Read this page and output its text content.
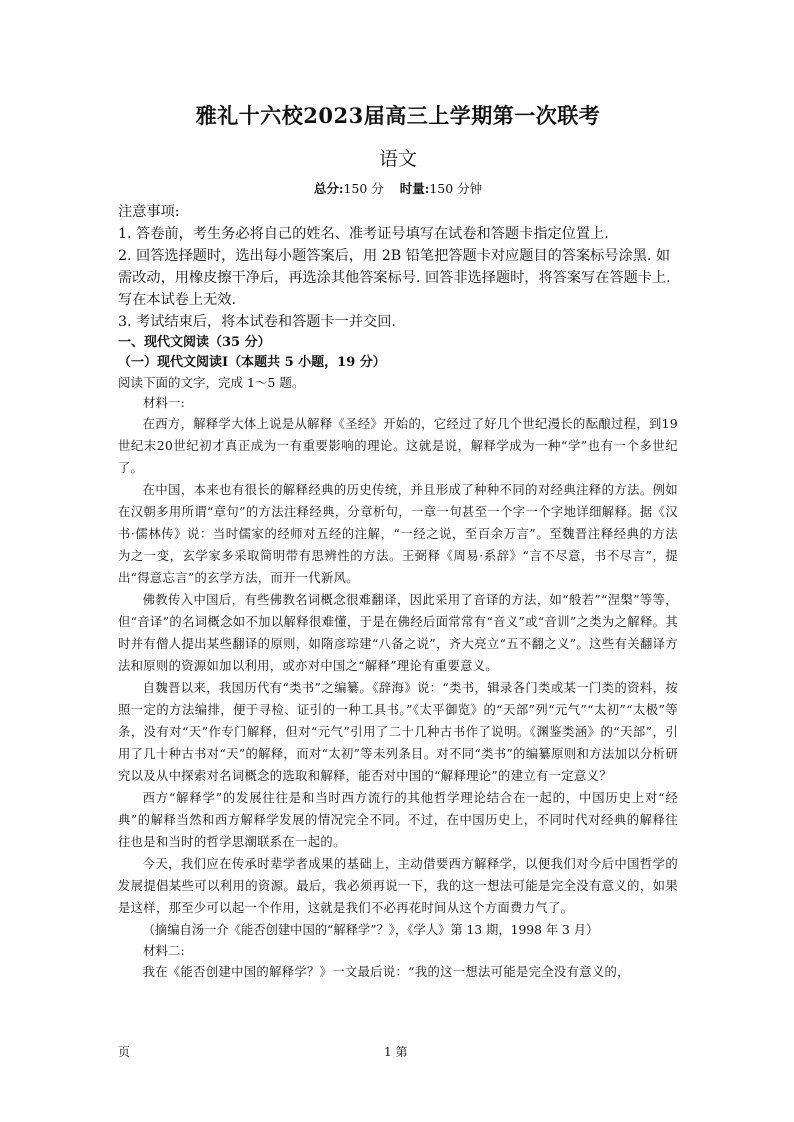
雅礼十六校2023届高三上学期第一次联考
语文
总分:150 分 时量:150 分钟

注意事项:

1. 答卷前，考生务必将自己的姓名、准考证号填写在试卷和答题卡指定位置上.

2. 回答选择题时，选出每小题答案后，用 2B 铅笔把答题卡对应题目的答案标号涂黑. 如需改动，用橡皮擦干净后，再选涂其他答案标号. 回答非选择题时，将答案写在答题卡上. 写在本试卷上无效.

3. 考试结束后，将本试卷和答题卡一并交回.

一、现代文阅读（35 分）

（一）现代文阅读Ⅰ（本题共 5 小题，19 分）

阅读下面的文字，完成 1～5 题。

材料一:

在西方，解释学大体上说是从解释《圣经》开始的，它经过了好几个世纪漫长的酝酿过程，到19世纪末20世纪初才真正成为一有重要影响的理论。这就是说，解释学成为一种“学”也有一个多世纪了。

在中国，本来也有很长的解释经典的历史传统，并且形成了种种不同的对经典注释的方法。例如在汉朝多用所谓“章句”的方法注释经典，分章析句，一章一句甚至一个字一个字地详细解释。据《汉书·儒林传》说：当时儒家的经师对五经的注解，“一经之说，至百余万言”。至魏晋注释经典的方法为之一变，玄学家多采取简明带有思辨性的方法。王弼释《周易·系辞》“言不尽意，书不尽言”，提出“得意忘言”的玄学方法，而开一代新风。

佛教传入中国后，有些佛教名词概念很难翻译，因此采用了音译的方法，如“般若”“涅槃”等等，但“音译”的名词概念如不加以解释很难懂，于是在佛经后面常常有“音义”或“音训”之类为之解释。其时并有僧人提出某些翻译的原则，如隋彦琮建“八备之说”，齐大亮立“五不翻之义”。这些有关翻译方法和原则的资源如加以利用，或亦对中国之“解释”理论有重要意义。

自魏晋以来，我国历代有“类书”之编纂。《辞海》说：“类书，辑录各门类或某一门类的资料，按照一定的方法编排，便于寻检、证引的一种工具书。”《太平御览》的“天部”列“元气”“太初”“太极”等条，没有对“天”作专门解释，但对“元气”引用了二十几种古书作了说明。《渊鉴类涵》的“天部”，引用了几十种古书对“天”的解释，而对“太初”等未列条目。对不同“类书”的编纂原则和方法加以分析研究以及从中探索对名词概念的选取和解释，能否对中国的“解释理论”的建立有一定意义？

西方“解释学”的发展往往是和当时西方流行的其他哲学理论结合在一起的，中国历史上对“经典”的解释当然和西方解释学发展的情况完全不同。不过，在中国历史上，不同时代对经典的解释往往也是和当时的哲学思潮联系在一起的。

今天，我们应在传承时辈学者成果的基础上，主动借要西方解释学，以便我们对今后中国哲学的发展提倡某些可以利用的资源。最后，我必须再说一下，我的这一想法可能是完全没有意义的，如果是这样，那至少可以起一个作用，这就是我们不必再花时间从这个方面费力气了。

（摘编自汤一介《能否创建中国的“解释学”？》，《学人》第 13 期，1998 年 3 月）

材料二:

我在《能否创建中国的解释学？》一文最后说：“我的这一想法可能是完全没有意义的，

页	1 第
